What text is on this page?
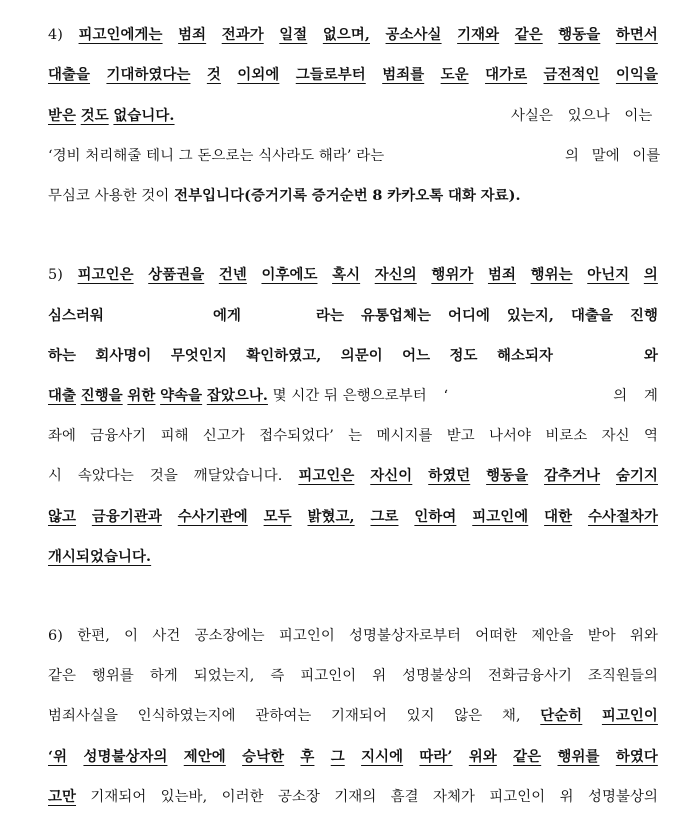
4) 피고인에게는 범죄 전과가 일절 없으며, 공소사실 기재와 같은 행동을 하면서
대출을 기대하였다는 것 이외에 그들로부터 범죄를 도운 대가로 금전적인 이익을
받은 것도 없습니다.	사실은 있으나 이는
‘경비 처리해줄 테니 그 돈으로는 식사라도 해라’ 라는	의 말에 이를
무심코 사용한 것이 전부입니다(증거기록 증거순번 8 카카오톡 대화 자료).
5) 피고인은 상품권을 건넨 이후에도 혹시 자신의 행위가 범죄 행위는 아닌지 의
심스러워	에게	라는 유통업체는 어디에 있는지, 대출을 진행
하는 회사명이 무엇인지 확인하였고, 의문이 어느 정도 해소되자	와
대출 진행을 위한 약속을 잡았으나. 몇 시간 뒤 은행으로부터 ‘	의 계
좌에 금융사기 피해 신고가 접수되었다’ 는 메시지를 받고 나서야 비로소 자신 역
시 속았다는 것을 깨달았습니다. 피고인은 자신이 하였던 행동을 감추거나 숨기지
않고 금융기관과 수사기관에 모두 밝혔고, 그로 인하여 피고인에 대한 수사절차가
개시되었습니다.
6) 한편, 이 사건 공소장에는 피고인이 성명불상자로부터 어떠한 제안을 받아 위와
같은 행위를 하게 되었는지, 즉 피고인이 위 성명불상의 전화금융사기 조직원들의
범죄사실을 인식하였는지에 관하여는 기재되어 있지 않은 채, 단순히 피고인이
‘위 성명불상자의 제안에 승낙한 후 그 지시에 따라’ 위와 같은 행위를 하였다
고만 기재되어 있는바, 이러한 공소장 기재의 흠결 자체가 피고인이 위 성명불상의
